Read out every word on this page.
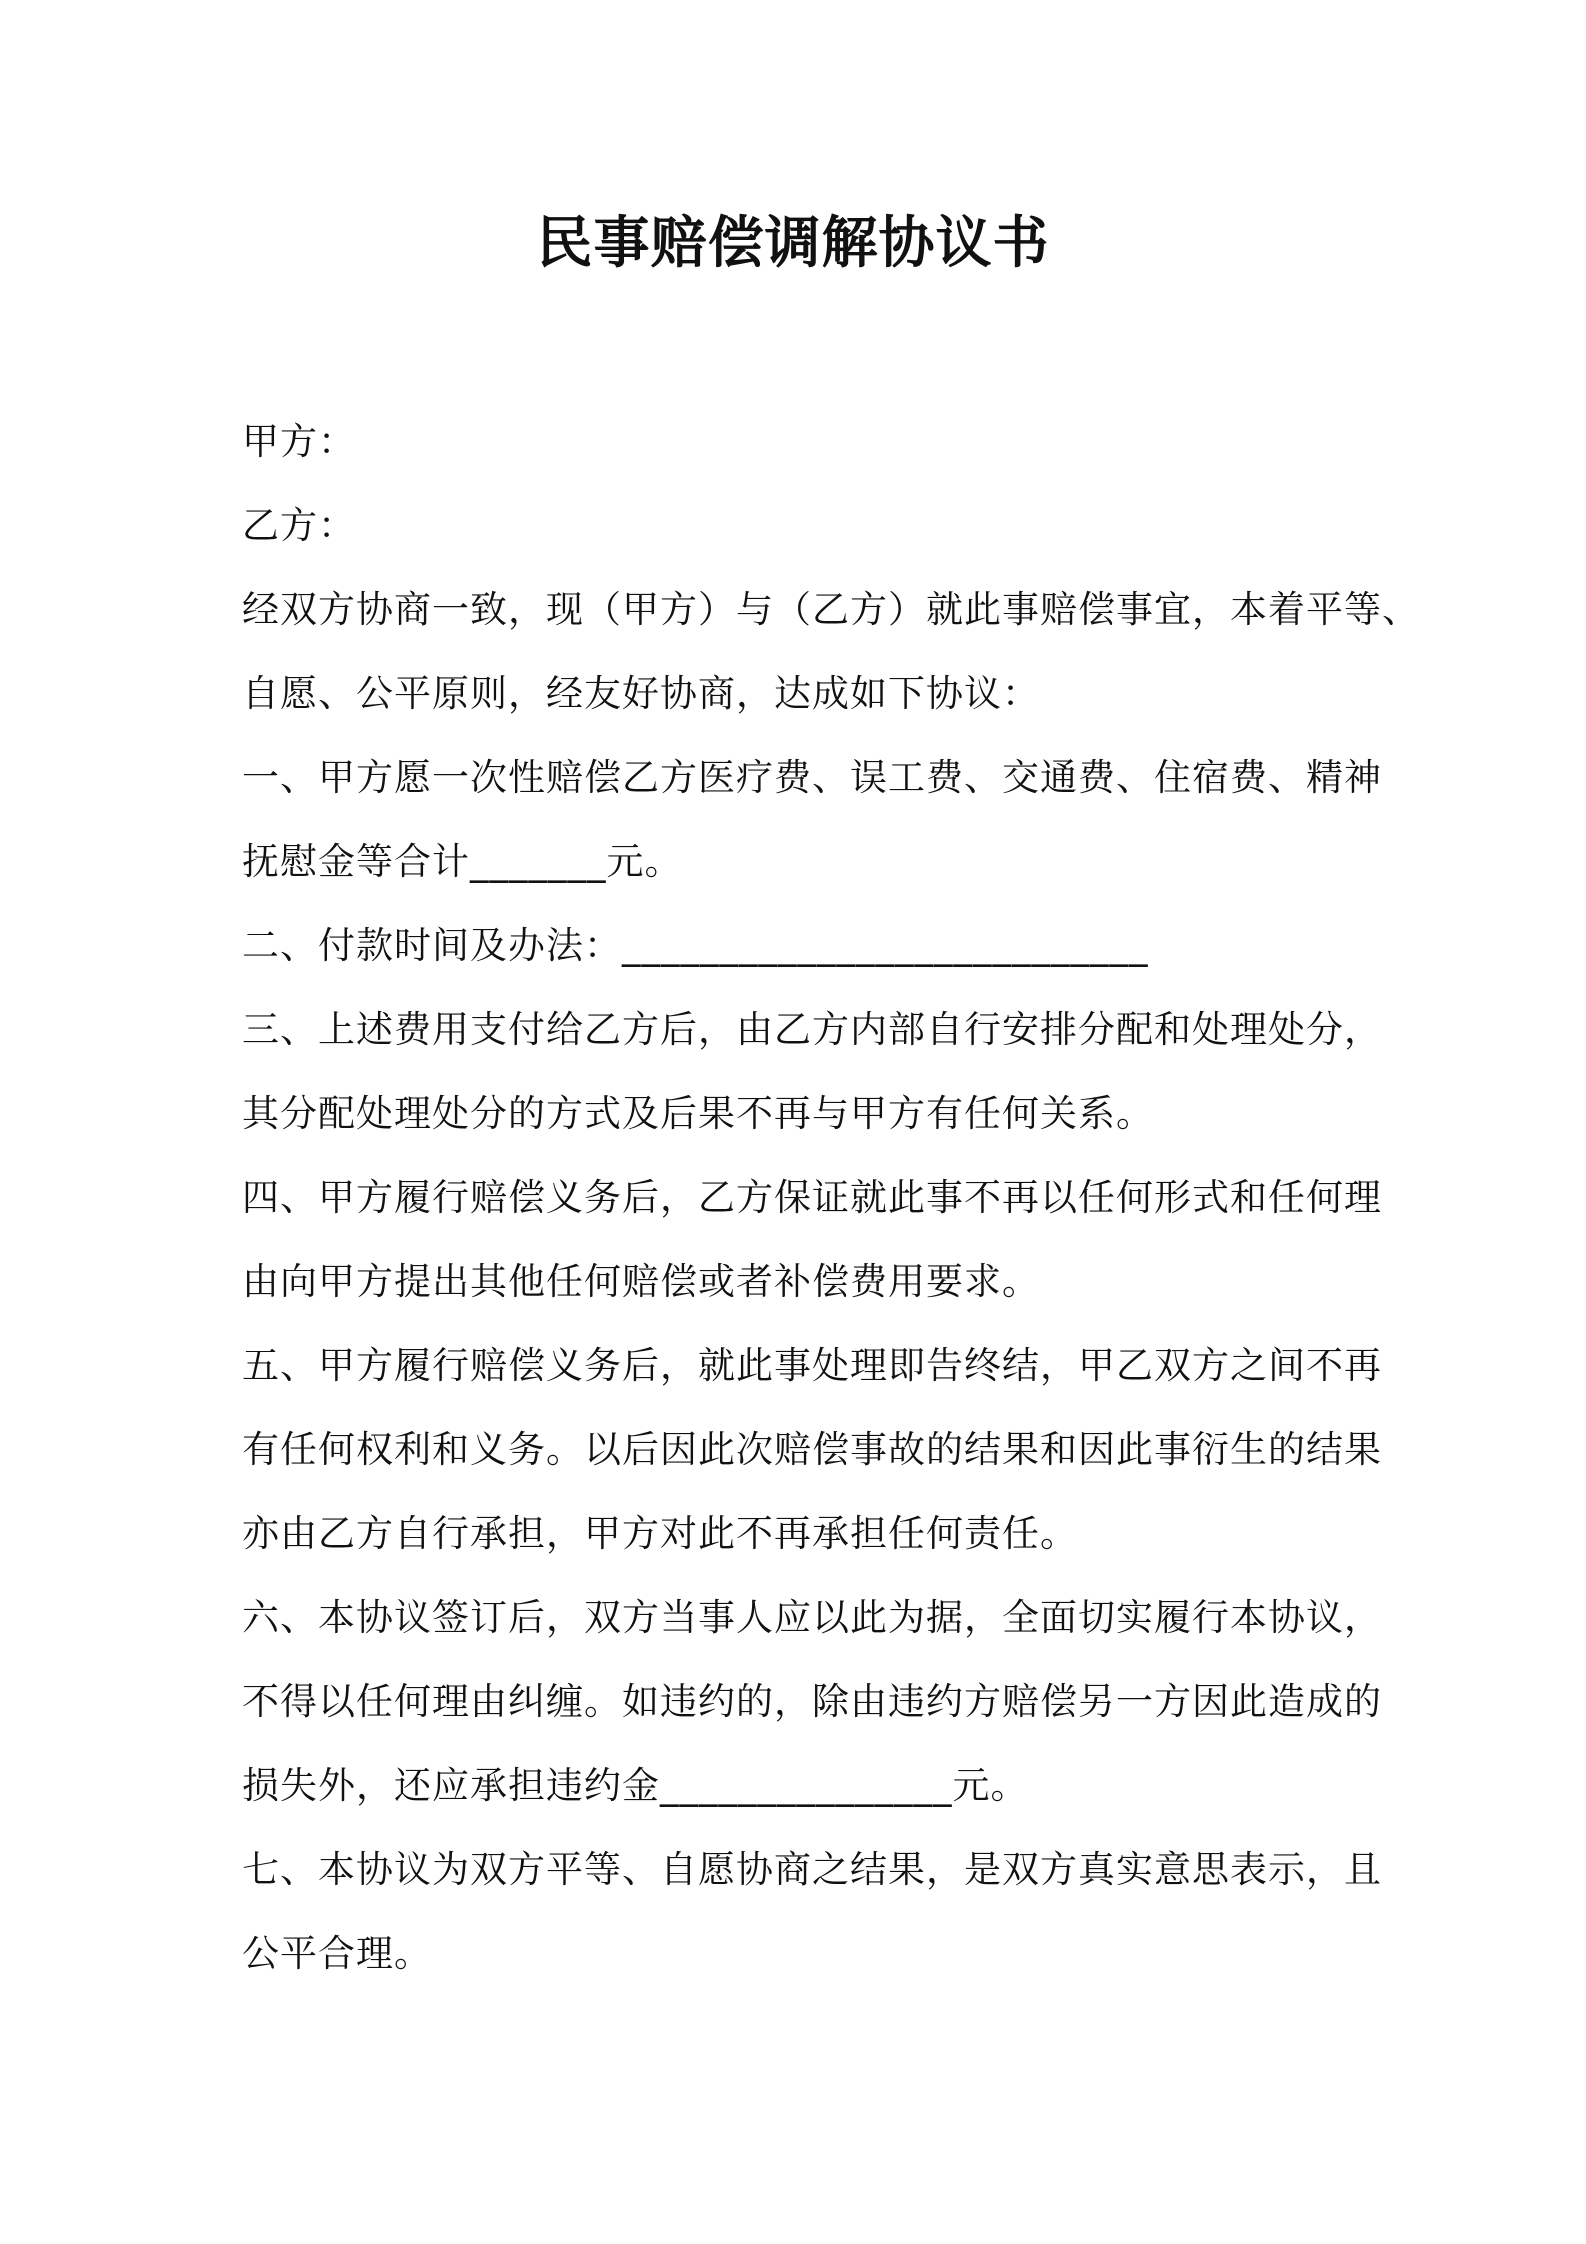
民事赔偿调解协议书
甲方：
乙方：
经双方协商一致，现（甲方）与（乙方）就此事赔偿事宜，本着平等、
自愿、公平原则，经友好协商，达成如下协议：
一、甲方愿一次性赔偿乙方医疗费、误工费、交通费、住宿费、精神
抚慰金等合计_______元。
二、付款时间及办法：___________________________
三、上述费用支付给乙方后，由乙方内部自行安排分配和处理处分，
其分配处理处分的方式及后果不再与甲方有任何关系。
四、甲方履行赔偿义务后，乙方保证就此事不再以任何形式和任何理
由向甲方提出其他任何赔偿或者补偿费用要求。
五、甲方履行赔偿义务后，就此事处理即告终结，甲乙双方之间不再
有任何权利和义务。以后因此次赔偿事故的结果和因此事衍生的结果
亦由乙方自行承担，甲方对此不再承担任何责任。
六、本协议签订后，双方当事人应以此为据，全面切实履行本协议，
不得以任何理由纠缠。如违约的，除由违约方赔偿另一方因此造成的
损失外，还应承担违约金_______________元。
七、本协议为双方平等、自愿协商之结果，是双方真实意思表示，且
公平合理。
